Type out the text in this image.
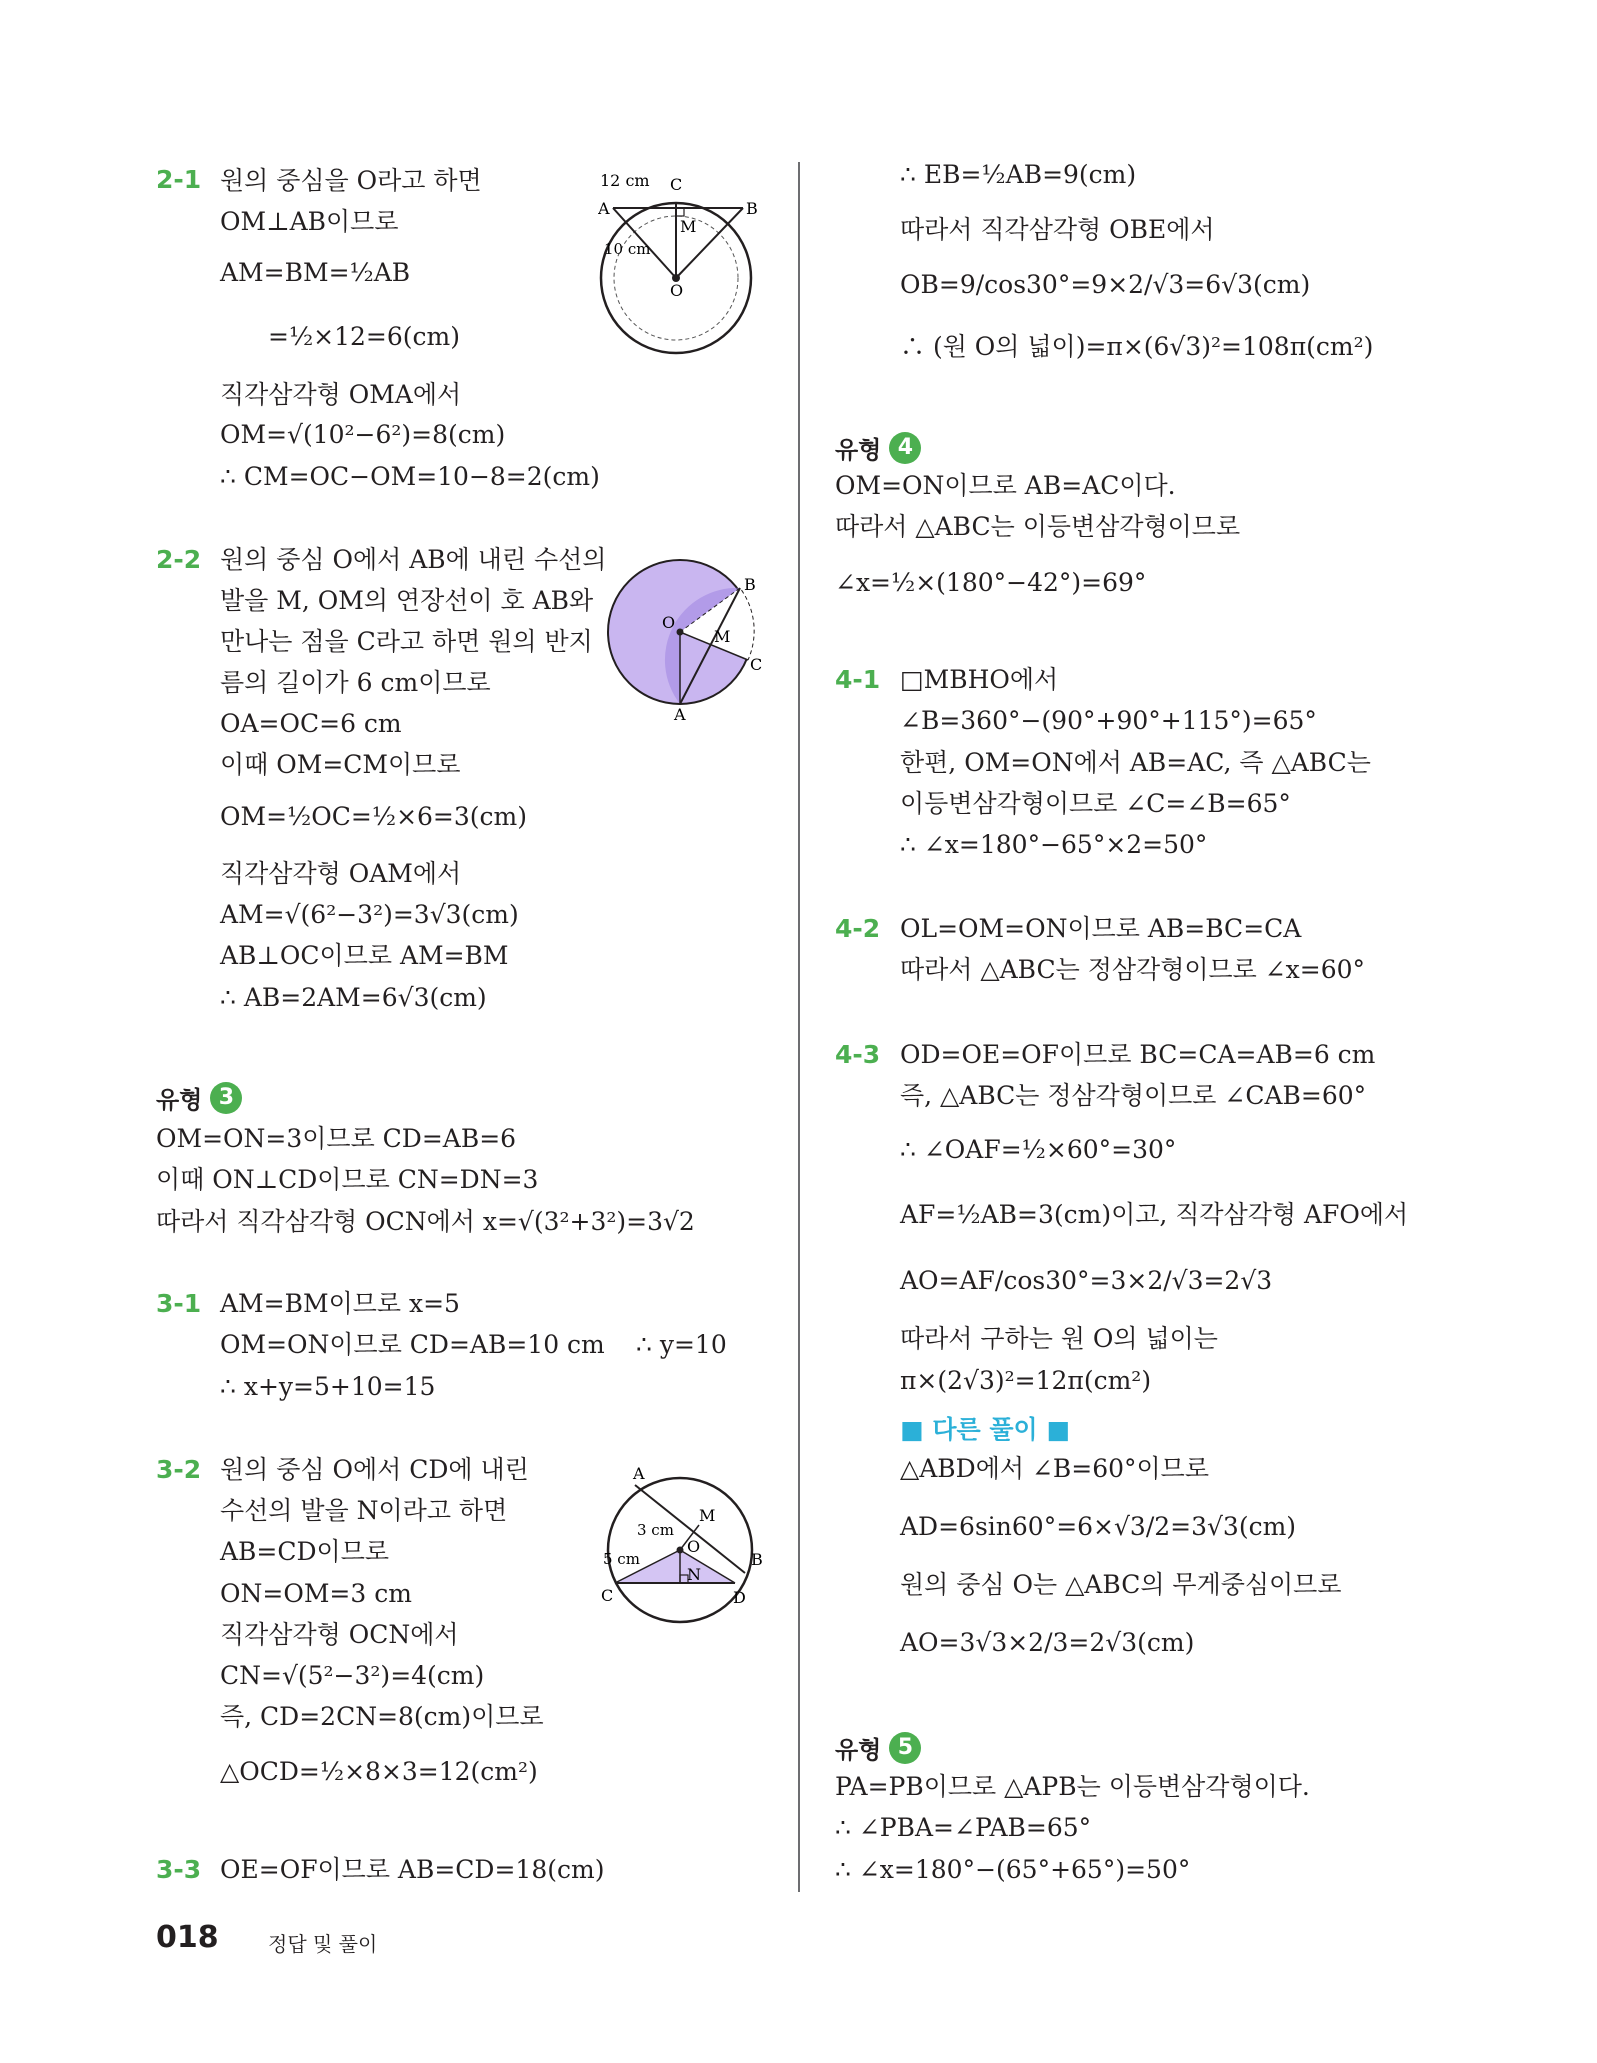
2-1 원의 중심을 O라고 하면
OM⊥AB이므로
AM=BM=½AB
=½×12=6(cm)
직각삼각형 OMA에서
OM=√(10²−6²)=8(cm)
∴ CM=OC−OM=10−8=2(cm)
12 cm C
A	B
M
10 cm
O
2-2 원의 중심 O에서 AB에 내린 수선의
발을 M, OM의 연장선이 호 AB와
만나는 점을 C라고 하면 원의 반지
름의 길이가 6 cm이므로
OA=OC=6 cm
이때 OM=CM이므로
OM=½OC=½×6=3(cm)
직각삼각형 OAM에서
AM=√(6²−3²)=3√3(cm)
AB⊥OC이므로 AM=BM
∴ AB=2AM=6√3(cm)
B
O
M
C
A
유형 3
OM=ON=3이므로 CD=AB=6
이때 ON⊥CD이므로 CN=DN=3
따라서 직각삼각형 OCN에서 x=√(3²+3²)=3√2
3-1 AM=BM이므로 x=5
OM=ON이므로 CD=AB=10 cm ∴ y=10
∴ x+y=5+10=15
3-2 원의 중심 O에서 CD에 내린
수선의 발을 N이라고 하면
AB=CD이므로
ON=OM=3 cm
직각삼각형 OCN에서
CN=√(5²−3²)=4(cm)
즉, CD=2CN=8(cm)이므로
△OCD=½×8×3=12(cm²)
A
M
3 cm
O
5 cm	B
N
C	D
3-3 OE=OF이므로 AB=CD=18(cm)
∴ EB=½AB=9(cm)
따라서 직각삼각형 OBE에서
OB=9/cos30°=9×2/√3=6√3(cm)
∴ (원 O의 넓이)=π×(6√3)²=108π(cm²)
유형 4
OM=ON이므로 AB=AC이다.
따라서 △ABC는 이등변삼각형이므로
∠x=½×(180°−42°)=69°
4-1 □MBHO에서
∠B=360°−(90°+90°+115°)=65°
한편, OM=ON에서 AB=AC, 즉 △ABC는
이등변삼각형이므로 ∠C=∠B=65°
∴ ∠x=180°−65°×2=50°
4-2 OL=OM=ON이므로 AB=BC=CA
따라서 △ABC는 정삼각형이므로 ∠x=60°
4-3 OD=OE=OF이므로 BC=CA=AB=6 cm
즉, △ABC는 정삼각형이므로 ∠CAB=60°
∴ ∠OAF=½×60°=30°
AF=½AB=3(cm)이고, 직각삼각형 AFO에서
AO=AF/cos30°=3×2/√3=2√3
따라서 구하는 원 O의 넓이는
π×(2√3)²=12π(cm²)
■ 다른 풀이 ■
△ABD에서 ∠B=60°이므로
AD=6sin60°=6×√3/2=3√3(cm)
원의 중심 O는 △ABC의 무게중심이므로
AO=3√3×2/3=2√3(cm)
유형 5
PA=PB이므로 △APB는 이등변삼각형이다.
∴ ∠PBA=∠PAB=65°
∴ ∠x=180°−(65°+65°)=50°
018 정답 및 풀이
